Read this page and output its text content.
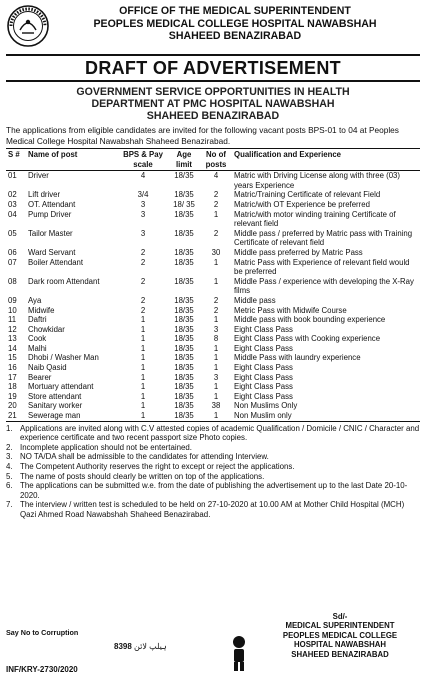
OFFICE OF THE MEDICAL SUPERINTENDENT
PEOPLES MEDICAL COLLEGE HOSPITAL NAWABSHAH
SHAHEED BENAZIRABAD
DRAFT OF ADVERTISEMENT
GOVERNMENT SERVICE OPPORTUNITIES IN HEALTH
DEPARTMENT AT PMC HOSPITAL NAWABSHAH
SHAHEED BENAZIRABAD
The applications from eligible candidates are invited for the following vacant posts BPS-01 to 04 at Peoples Medical College Hospital Nawabshah Shaheed Benazirabad.
S #	Name of post	BPS & Pay scale	Age limit	No of posts	Qualification and Experience
01	Driver	4	18/35	4	Matric with Driving License along with three (03) years Experience
02	Lift driver	3/4	18/35	2	Matric/Training Certificate of relevant Field
03	OT. Attendant	3	18/ 35	2	Matric/with OT Experience be preferred
04	Pump Driver	3	18/35	1	Matric/with motor winding training Certificate of relevant field
05	Tailor Master	3	18/35	2	Middle pass / preferred by Matric pass with Training Certificate of relevant field
06	Ward Servant	2	18/35	30	Middle pass preferred by Matric Pass
07	Boiler Attendant	2	18/35	1	Matric Pass with Experience of relevant field would be preferred
08	Dark room Attendant	2	18/35	1	Middle Pass / experience with developing the X-Ray films
09	Aya	2	18/35	2	Middle pass
10	Midwife	2	18/35	2	Metric Pass with Midwife Course
11	Daftri	1	18/35	1	Middle pass with book bounding experience
12	Chowkidar	1	18/35	3	Eight Class Pass
13	Cook	1	18/35	8	Eight Class Pass with Cooking experience
14	Malhi	1	18/35	1	Eight Class Pass
15	Dhobi / Washer Man	1	18/35	1	Middle Pass with laundry experience
16	Naib Qasid	1	18/35	1	Eight Class Pass
17	Bearer	1	18/35	3	Eight Class Pass
18	Mortuary attendant	1	18/35	1	Eight Class Pass
19	Store attendant	1	18/35	1	Eight Class Pass
20	Sanitary worker	1	18/35	38	Non Muslims Only
21	Sewerage man	1	18/35	1	Non Muslim only
1. Applications are invited along with C.V attested copies of academic Qualification / Domicile / CNIC / Character and experience certificate and two recent passport size Photo copies.
2. Incomplete application should not be entertained.
3. NO TA/DA shall be admissible to the candidates for attending Interview.
4. The Competent Authority reserves the right to except or reject the applications.
5. The name of posts should clearly be written on top of the applications.
6. The applications can be submitted w.e. from the date of publishing the advertisement up to the last Date 20-10-2020.
7. The interview / written test is scheduled to be held on 27-10-2020 at 10.00 AM at Mother Child Hospital (MCH) Qazi Ahmed Road Nawabshah Shaheed Benazirabad.
Say No to Corruption
INF/KRY-2730/2020
8398 ہیلپ لائن
Sd/-
MEDICAL SUPERINTENDENT
PEOPLES MEDICAL COLLEGE
HOSPITAL NAWABSHAH
SHAHEED BENAZIRABAD
